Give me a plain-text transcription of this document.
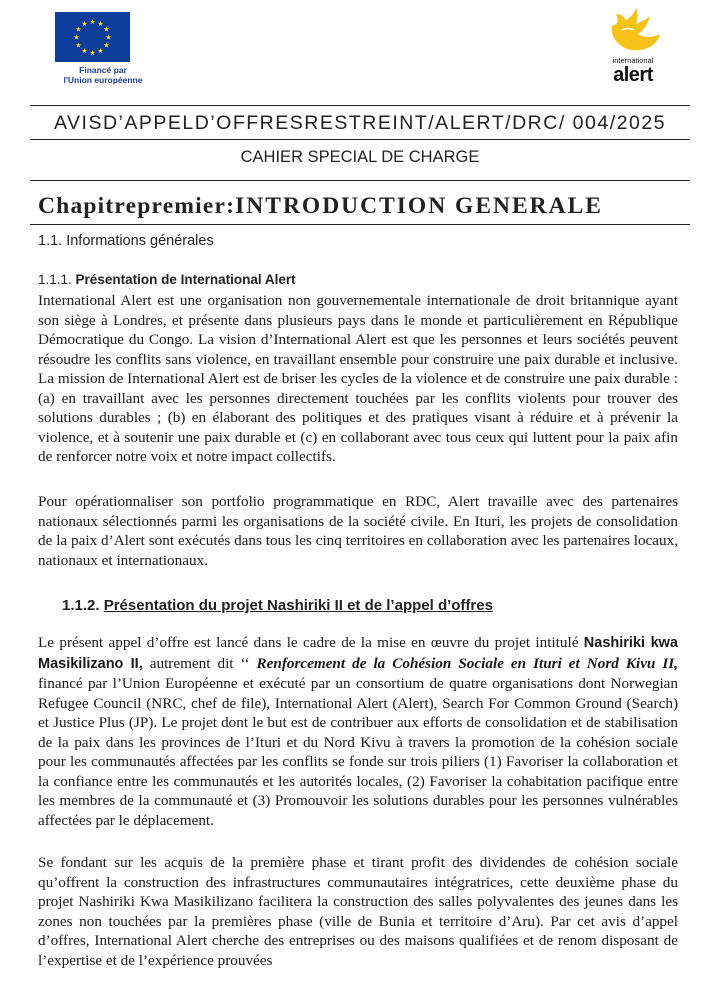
★ ★
★
★
★
★
★
★
★
★
★
★
Financé par
l'Union européenne
international
alert
AVISD’APPELD’OFFRESRESTREINT/ALERT/DRC/ 004/2025
CAHIER SPECIAL DE CHARGE
Chapitrepremier:INTRODUCTION GENERALE
1.1. Informations générales
1.1.1. Présentation de International Alert
International Alert est une organisation non gouvernementale internationale de droit britannique ayant son siège à Londres, et présente dans plusieurs pays dans le monde et particulièrement en République Démocratique du Congo. La vision d’International Alert est que les personnes et leurs sociétés peuvent résoudre les conflits sans violence, en travaillant ensemble pour construire une paix durable et inclusive. La mission de International Alert est de briser les cycles de la violence et de construire une paix durable : (a) en travaillant avec les personnes directement touchées par les conflits violents pour trouver des solutions durables ; (b) en élaborant des politiques et des pratiques visant à réduire et à prévenir la violence, et à soutenir une paix durable et (c) en collaborant avec tous ceux qui luttent pour la paix afin de renforcer notre voix et notre impact collectifs.
Pour opérationnaliser son portfolio programmatique en RDC, Alert travaille avec des partenaires nationaux sélectionnés parmi les organisations de la société civile. En Ituri, les projets de consolidation de la paix d’Alert sont exécutés dans tous les cinq territoires en collaboration avec les partenaires locaux, nationaux et internationaux.
1.1.2. Présentation du projet Nashiriki II et de l’appel d’offres
Le présent appel d’offre est lancé dans le cadre de la mise en œuvre du projet intitulé Nashiriki kwa Masikilizano II, autrement dit ‘‘ Renforcement de la Cohésion Sociale en Ituri et Nord Kivu II, financé par l’Union Européenne et exécuté par un consortium de quatre organisations dont Norwegian Refugee Council (NRC, chef de file), International Alert (Alert), Search For Common Ground (Search) et Justice Plus (JP). Le projet dont le but est de contribuer aux efforts de consolidation et de stabilisation de la paix dans les provinces de l’Ituri et du Nord Kivu à travers la promotion de la cohésion sociale pour les communautés affectées par les conflits se fonde sur trois piliers (1) Favoriser la collaboration et la confiance entre les communautés et les autorités locales, (2) Favoriser la cohabitation pacifique entre les membres de la communauté et (3) Promouvoir les solutions durables pour les personnes vulnérables affectées par le déplacement.
Se fondant sur les acquis de la première phase et tirant profit des dividendes de cohésion sociale qu’offrent la construction des infrastructures communautaires intégratrices, cette deuxième phase du projet Nashiriki Kwa Masikilizano facilitera la construction des salles polyvalentes des jeunes dans les zones non touchées par la premières phase (ville de Bunia et territoire d’Aru). Par cet avis d’appel d’offres, International Alert cherche des entreprises ou des maisons qualifiées et de renom disposant de l’expertise et de l’expérience prouvées
